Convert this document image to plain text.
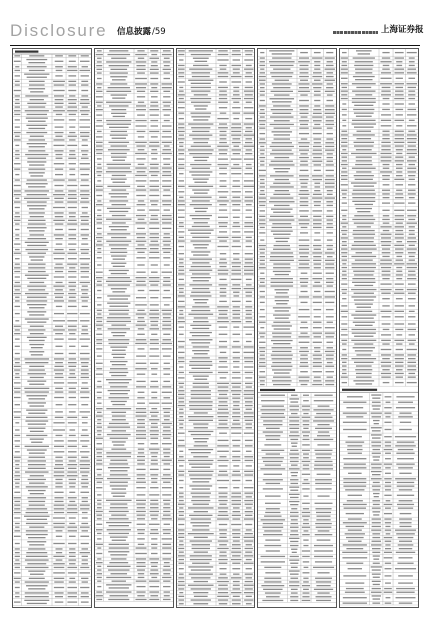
Disclosure 信息披露/59	上海证券报
